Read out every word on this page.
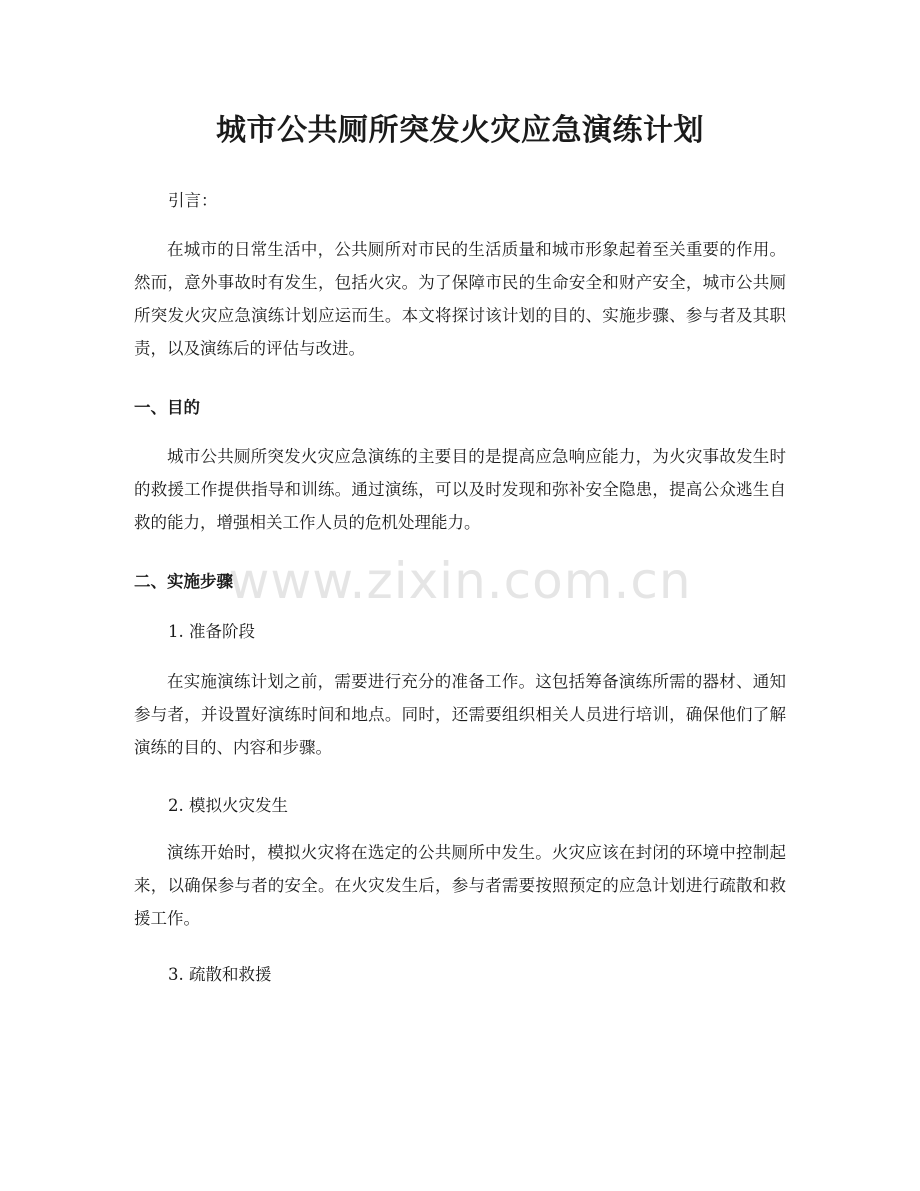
城市公共厕所突发火灾应急演练计划

引言：

在城市的日常生活中，公共厕所对市民的生活质量和城市形象起着至关重要的作用。然而，意外事故时有发生，包括火灾。为了保障市民的生命安全和财产安全，城市公共厕所突发火灾应急演练计划应运而生。本文将探讨该计划的目的、实施步骤、参与者及其职责，以及演练后的评估与改进。

一、目的

城市公共厕所突发火灾应急演练的主要目的是提高应急响应能力，为火灾事故发生时的救援工作提供指导和训练。通过演练，可以及时发现和弥补安全隐患，提高公众逃生自救的能力，增强相关工作人员的危机处理能力。

二、实施步骤

1. 准备阶段

在实施演练计划之前，需要进行充分的准备工作。这包括筹备演练所需的器材、通知参与者，并设置好演练时间和地点。同时，还需要组织相关人员进行培训，确保他们了解演练的目的、内容和步骤。

2. 模拟火灾发生

演练开始时，模拟火灾将在选定的公共厕所中发生。火灾应该在封闭的环境中控制起来，以确保参与者的安全。在火灾发生后，参与者需要按照预定的应急计划进行疏散和救援工作。

3. 疏散和救援

www.zixin.com.cn
